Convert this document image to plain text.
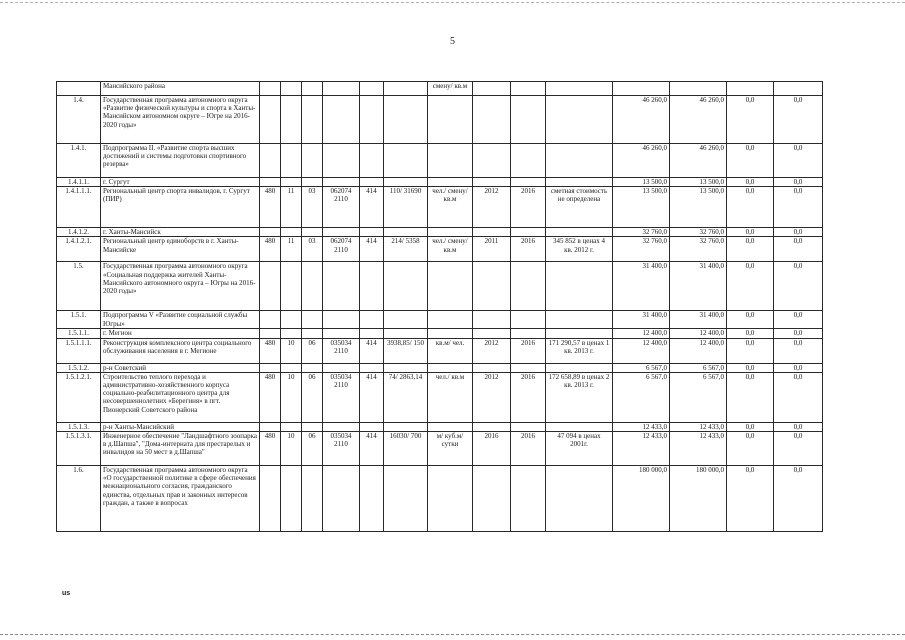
5
	Мансийского района							смену/ кв.м							
1.4.	Государственная программа автономного округа «Развитие физической культуры и спорта в Ханты-Мансийском автономном округе – Югре на 2016-2020 годы»											46 260,0	46 260,0	0,0	0,0
1.4.1.	Подпрограмма II. «Развитие спорта высших достижений и системы подготовки спортивного резерва»											46 260,0	46 260,0	0,0	0,0
1.4.1.1.	г. Сургут											13 500,0	13 500,0	0,0	0,0
1.4.1.1.1.	Региональный центр спорта инвалидов, г. Сургут (ПИР)	480	11	03	062074 2110	414	110/ 31690	чел./ смену/ кв.м	2012	2016	сметная стоимость не определена	13 500,0	13 500,0	0,0	0,0
1.4.1.2.	г. Ханты-Мансийск											32 760,0	32 760,0	0,0	0,0
1.4.1.2.1.	Региональный центр единоборств в г. Ханты-Мансийске	480	11	03	062074 2110	414	214/ 5358	чел./ смену/ кв.м	2011	2016	345 852 в ценах 4 кв. 2012 г.	32 760,0	32 760,0	0,0	0,0
1.5.	Государственная программа автономного округа «Социальная поддержка жителей Ханты-Мансийского автономного округа – Югры на 2016-2020 годы»											31 400,0	31 400,0	0,0	0,0
1.5.1.	Подпрограмма V «Развитие социальной службы Югры»											31 400,0	31 400,0	0,0	0,0
1.5.1.1.	г. Мегион											12 400,0	12 400,0	0,0	0,0
1.5.1.1.1.	Реконструкция комплексного центра социального обслуживания населения в г. Мегионе	480	10	06	035034 2110	414	3938,85/ 150	кв.м/ чел.	2012	2016	171 290,57 в ценах 1 кв. 2013 г.	12 400,0	12 400,0	0,0	0,0
1.5.1.2.	р-н Советский											6 567,0	6 567,0	0,0	0,0
1.5.1.2.1.	Строительство теплого перехода и административно-хозяйственного корпуса социально-реабилитационного центра для несовершеннолетних «Берегиня» в пгт. Пионерский Советского района	480	10	06	035034 2110	414	74/ 2863,14	чел./ кв.м	2012	2016	172 658,89 в ценах 2 кв. 2013 г.	6 567,0	6 567,0	0,0	0,0
1.5.1.3.	р-н Ханты-Мансийский											12 433,0	12 433,0	0,0	0,0
1.5.1.3.1.	Инженерное обеспечение "Ландшафтного зоопарка в д.Шапша", "Дома-интерната для престарелых и инвалидов на 50 мест в д.Шапша"	480	10	06	035034 2110	414	16030/ 700	м/ куб.м/ сутки	2016	2016	47 094 в ценах 2001г.	12 433,0	12 433,0	0,0	0,0
1.6.	Государственная программа автономного округа «О государственной политике в сфере обеспечения межнационального согласия, гражданского единства, отдельных прав и законных интересов граждан, а также в вопросах											180 000,0	180 000,0	0,0	0,0
us
